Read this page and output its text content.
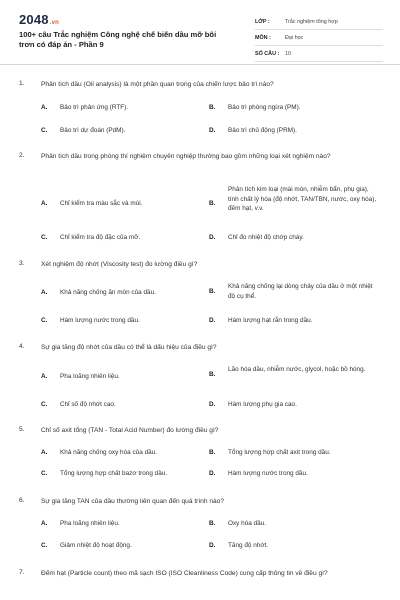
2048.vn
100+ câu Trắc nghiệm Công nghệ chế biến dầu mỡ bôi trơn có đáp án - Phần 9
LỚP :	Trắc nghiệm tổng hợp
MÔN :	Đại học
SỐ CÂU :	10
1.	Phân tích dầu (Oil analysis) là một phần quan trọng của chiến lược bảo trì nào?
A. Bảo trì phản ứng (RTF).	B. Bảo trì phòng ngừa (PM).
C. Bảo trì dự đoán (PdM).	D. Bảo trì chủ động (PRM).
2.	Phân tích dầu trong phòng thí nghiệm chuyên nghiệp thường bao gồm những loại xét nghiệm nào?
A. Chỉ kiểm tra màu sắc và mùi.	B.
Phân tích kim loại (mài mòn, nhiễm bẩn, phụ gia), tính chất lý hóa (độ nhớt, TAN/TBN, nước, oxy hóa), đếm hạt, v.v.
C. Chỉ kiểm tra độ đặc của mỡ.	D. Chỉ đo nhiệt độ chớp cháy.
3.	Xét nghiệm độ nhớt (Viscosity test) đo lường điều gì?
A. Khả năng chống ăn mòn của dầu.	B.
Khả năng chống lại dòng chảy của dầu ở một nhiệt độ cụ thể.
C. Hàm lượng nước trong dầu.	D. Hàm lượng hạt rắn trong dầu.
4.	Sự gia tăng độ nhớt của dầu có thể là dấu hiệu của điều gì?
A. Pha loãng nhiên liệu.	B.
Lão hóa dầu, nhiễm nước, glycol, hoặc bồ hóng.
C. Chỉ số độ nhớt cao.	D. Hàm lượng phụ gia cao.
5.	Chỉ số axit tổng (TAN - Total Acid Number) đo lường điều gì?
A. Khả năng chống oxy hóa của dầu.	B. Tổng lượng hợp chất axit trong dầu.
C. Tổng lượng hợp chất bazơ trong dầu.	D. Hàm lượng nước trong dầu.
6.	Sự gia tăng TAN của dầu thường liên quan đến quá trình nào?
A. Pha loãng nhiên liệu.	B. Oxy hóa dầu.
C. Giảm nhiệt độ hoạt động.	D. Tăng độ nhớt.
7.	Đếm hạt (Particle count) theo mã sạch ISO (ISO Cleanliness Code) cung cấp thông tin về điều gì?
